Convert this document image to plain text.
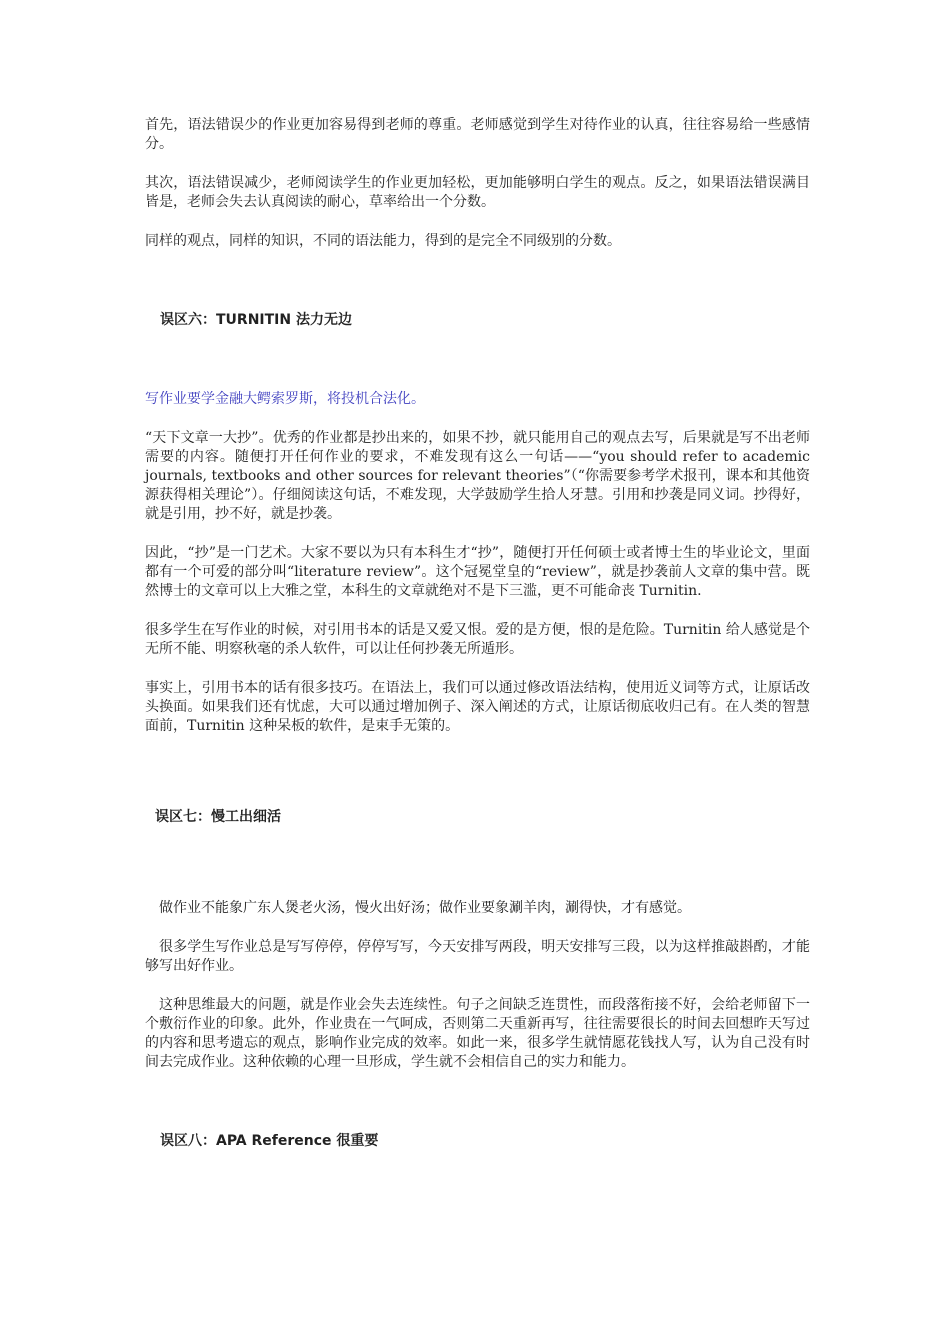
首先，语法错误少的作业更加容易得到老师的尊重。老师感觉到学生对待作业的认真，往往容易给一些感情分。

其次，语法错误减少，老师阅读学生的作业更加轻松，更加能够明白学生的观点。反之，如果语法错误满目皆是，老师会失去认真阅读的耐心，草率给出一个分数。

同样的观点，同样的知识，不同的语法能力，得到的是完全不同级别的分数。

误区六：TURNITIN 法力无边

写作业要学金融大鳄索罗斯，将投机合法化。

“天下文章一大抄”。优秀的作业都是抄出来的，如果不抄，就只能用自己的观点去写，后果就是写不出老师需要的内容。随便打开任何作业的要求，不难发现有这么一句话——“you should refer to academic journals, textbooks and other sources for relevant theories”（“你需要参考学术报刊，课本和其他资源获得相关理论”）。仔细阅读这句话，不难发现，大学鼓励学生拾人牙慧。引用和抄袭是同义词。抄得好，就是引用，抄不好，就是抄袭。

因此，“抄”是一门艺术。大家不要以为只有本科生才“抄”，随便打开任何硕士或者博士生的毕业论文，里面都有一个可爱的部分叫“literature review”。这个冠冕堂皇的“review”，就是抄袭前人文章的集中营。既然博士的文章可以上大雅之堂，本科生的文章就绝对不是下三滥，更不可能命丧 Turnitin.

很多学生在写作业的时候，对引用书本的话是又爱又恨。爱的是方便，恨的是危险。Turnitin 给人感觉是个无所不能、明察秋毫的杀人软件，可以让任何抄袭无所遁形。

事实上，引用书本的话有很多技巧。在语法上，我们可以通过修改语法结构，使用近义词等方式，让原话改头换面。如果我们还有忧虑，大可以通过增加例子、深入阐述的方式，让原话彻底收归己有。在人类的智慧面前，Turnitin 这种呆板的软件，是束手无策的。

误区七：慢工出细活

做作业不能象广东人煲老火汤，慢火出好汤；做作业要象涮羊肉，涮得快，才有感觉。

很多学生写作业总是写写停停，停停写写，今天安排写两段，明天安排写三段，以为这样推敲斟酌，才能够写出好作业。

这种思维最大的问题，就是作业会失去连续性。句子之间缺乏连贯性，而段落衔接不好，会给老师留下一个敷衍作业的印象。此外，作业贵在一气呵成，否则第二天重新再写，往往需要很长的时间去回想昨天写过的内容和思考遗忘的观点，影响作业完成的效率。如此一来，很多学生就情愿花钱找人写，认为自己没有时间去完成作业。这种依赖的心理一旦形成，学生就不会相信自己的实力和能力。

误区八：APA Reference 很重要
